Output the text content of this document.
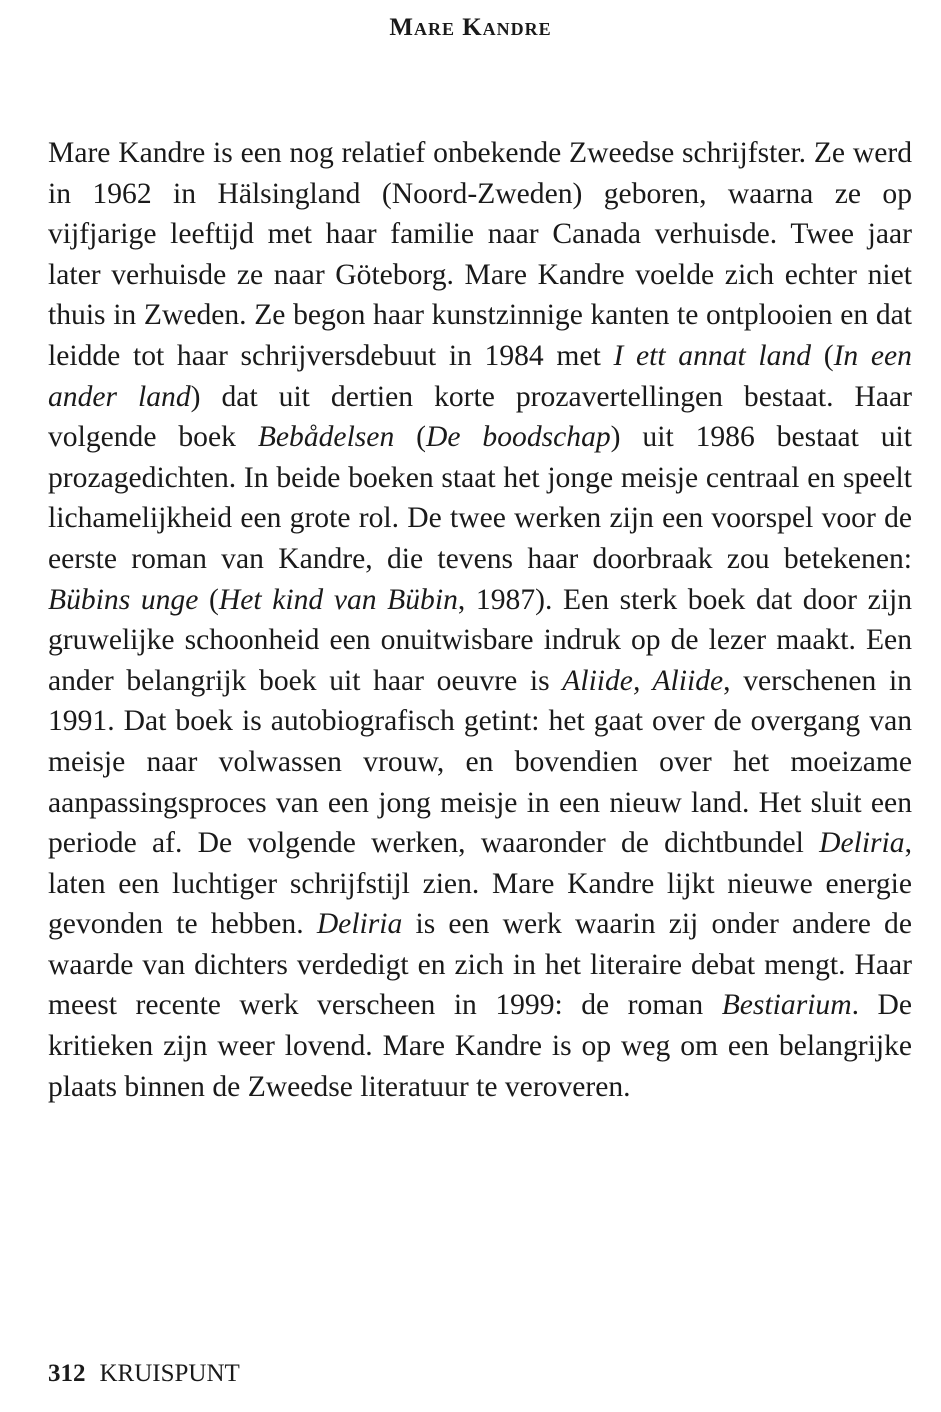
Mare Kandre

Mare Kandre is een nog relatief onbekende Zweedse schrijfster. Ze werd in 1962 in Hälsingland (Noord-Zweden) geboren, waarna ze op vijfjarige leeftijd met haar familie naar Canada verhuisde. Twee jaar later verhuisde ze naar Göteborg. Mare Kandre voelde zich echter niet thuis in Zweden. Ze begon haar kunstzinnige kanten te ontplooien en dat leidde tot haar schrijversdebuut in 1984 met I ett annat land (In een ander land) dat uit dertien korte prozavertellingen bestaat. Haar volgende boek Bebådelsen (De boodschap) uit 1986 bestaat uit prozagedichten. In beide boeken staat het jonge meisje centraal en speelt lichamelijkheid een grote rol. De twee werken zijn een voorspel voor de eerste roman van Kandre, die tevens haar doorbraak zou betekenen: Bübins unge (Het kind van Bübin, 1987). Een sterk boek dat door zijn gruwelijke schoonheid een onuitwisbare indruk op de lezer maakt. Een ander belangrijk boek uit haar oeuvre is Aliide, Aliide, verschenen in 1991. Dat boek is autobiografisch getint: het gaat over de overgang van meisje naar volwassen vrouw, en bovendien over het moeizame aanpassingsproces van een jong meisje in een nieuw land. Het sluit een periode af. De volgende werken, waaronder de dichtbundel Deliria, laten een luchtiger schrijfstijl zien. Mare Kandre lijkt nieuwe energie gevonden te hebben. Deliria is een werk waarin zij onder andere de waarde van dichters verdedigt en zich in het literaire debat mengt. Haar meest recente werk verscheen in 1999: de roman Bestiarium. De kritieken zijn weer lovend. Mare Kandre is op weg om een belangrijke plaats binnen de Zweedse literatuur te veroveren.

312 KRUISPUNT
